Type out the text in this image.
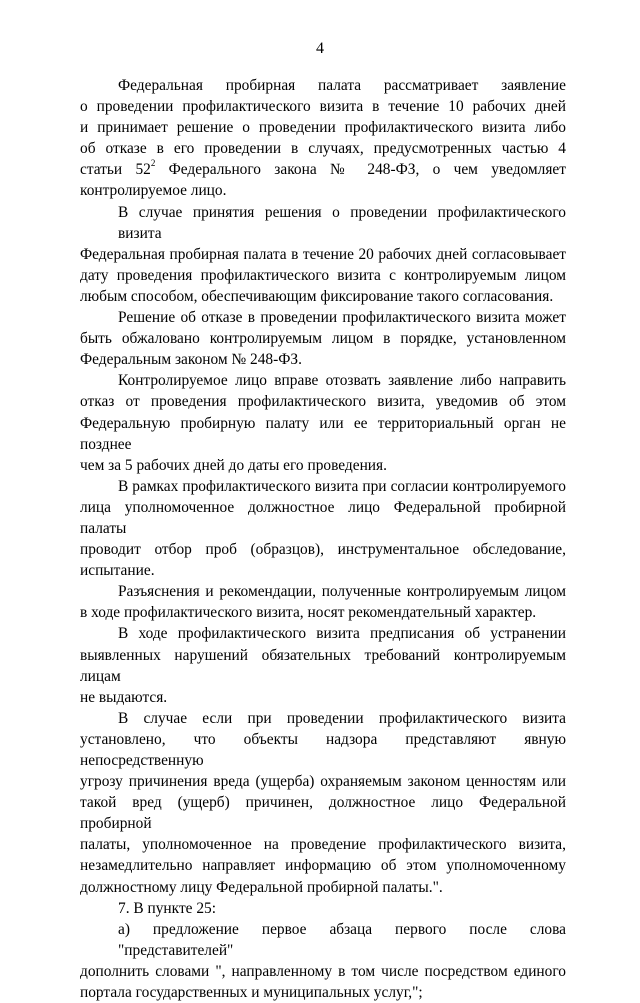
4
Федеральная пробирная палата рассматривает заявление
о проведении профилактического визита в течение 10 рабочих дней
и принимает решение о проведении профилактического визита либо
об отказе в его проведении в случаях, предусмотренных частью 4
статьи $52^2$ Федерального закона № 248-ФЗ, о чем уведомляет
контролируемое лицо.
В случае принятия решения о проведении профилактического визита
Федеральная пробирная палата в течение 20 рабочих дней согласовывает
дату проведения профилактического визита с контролируемым лицом
любым способом, обеспечивающим фиксирование такого согласования.
Решение об отказе в проведении профилактического визита может
быть обжаловано контролируемым лицом в порядке, установленном
Федеральным законом № 248-ФЗ.
Контролируемое лицо вправе отозвать заявление либо направить
отказ от проведения профилактического визита, уведомив об этом
Федеральную пробирную палату или ее территориальный орган не позднее
чем за 5 рабочих дней до даты его проведения.
В рамках профилактического визита при согласии контролируемого
лица уполномоченное должностное лицо Федеральной пробирной палаты
проводит отбор проб (образцов), инструментальное обследование,
испытание.
Разъяснения и рекомендации, полученные контролируемым лицом
в ходе профилактического визита, носят рекомендательный характер.
В ходе профилактического визита предписания об устранении
выявленных нарушений обязательных требований контролируемым лицам
не выдаются.
В случае если при проведении профилактического визита
установлено, что объекты надзора представляют явную непосредственную
угрозу причинения вреда (ущерба) охраняемым законом ценностям или
такой вред (ущерб) причинен, должностное лицо Федеральной пробирной
палаты, уполномоченное на проведение профилактического визита,
незамедлительно направляет информацию об этом уполномоченному
должностному лицу Федеральной пробирной палаты.".
7. В пункте 25:
а) предложение первое абзаца первого после слова "представителей"
дополнить словами ", направленному в том числе посредством единого
портала государственных и муниципальных услуг,";
